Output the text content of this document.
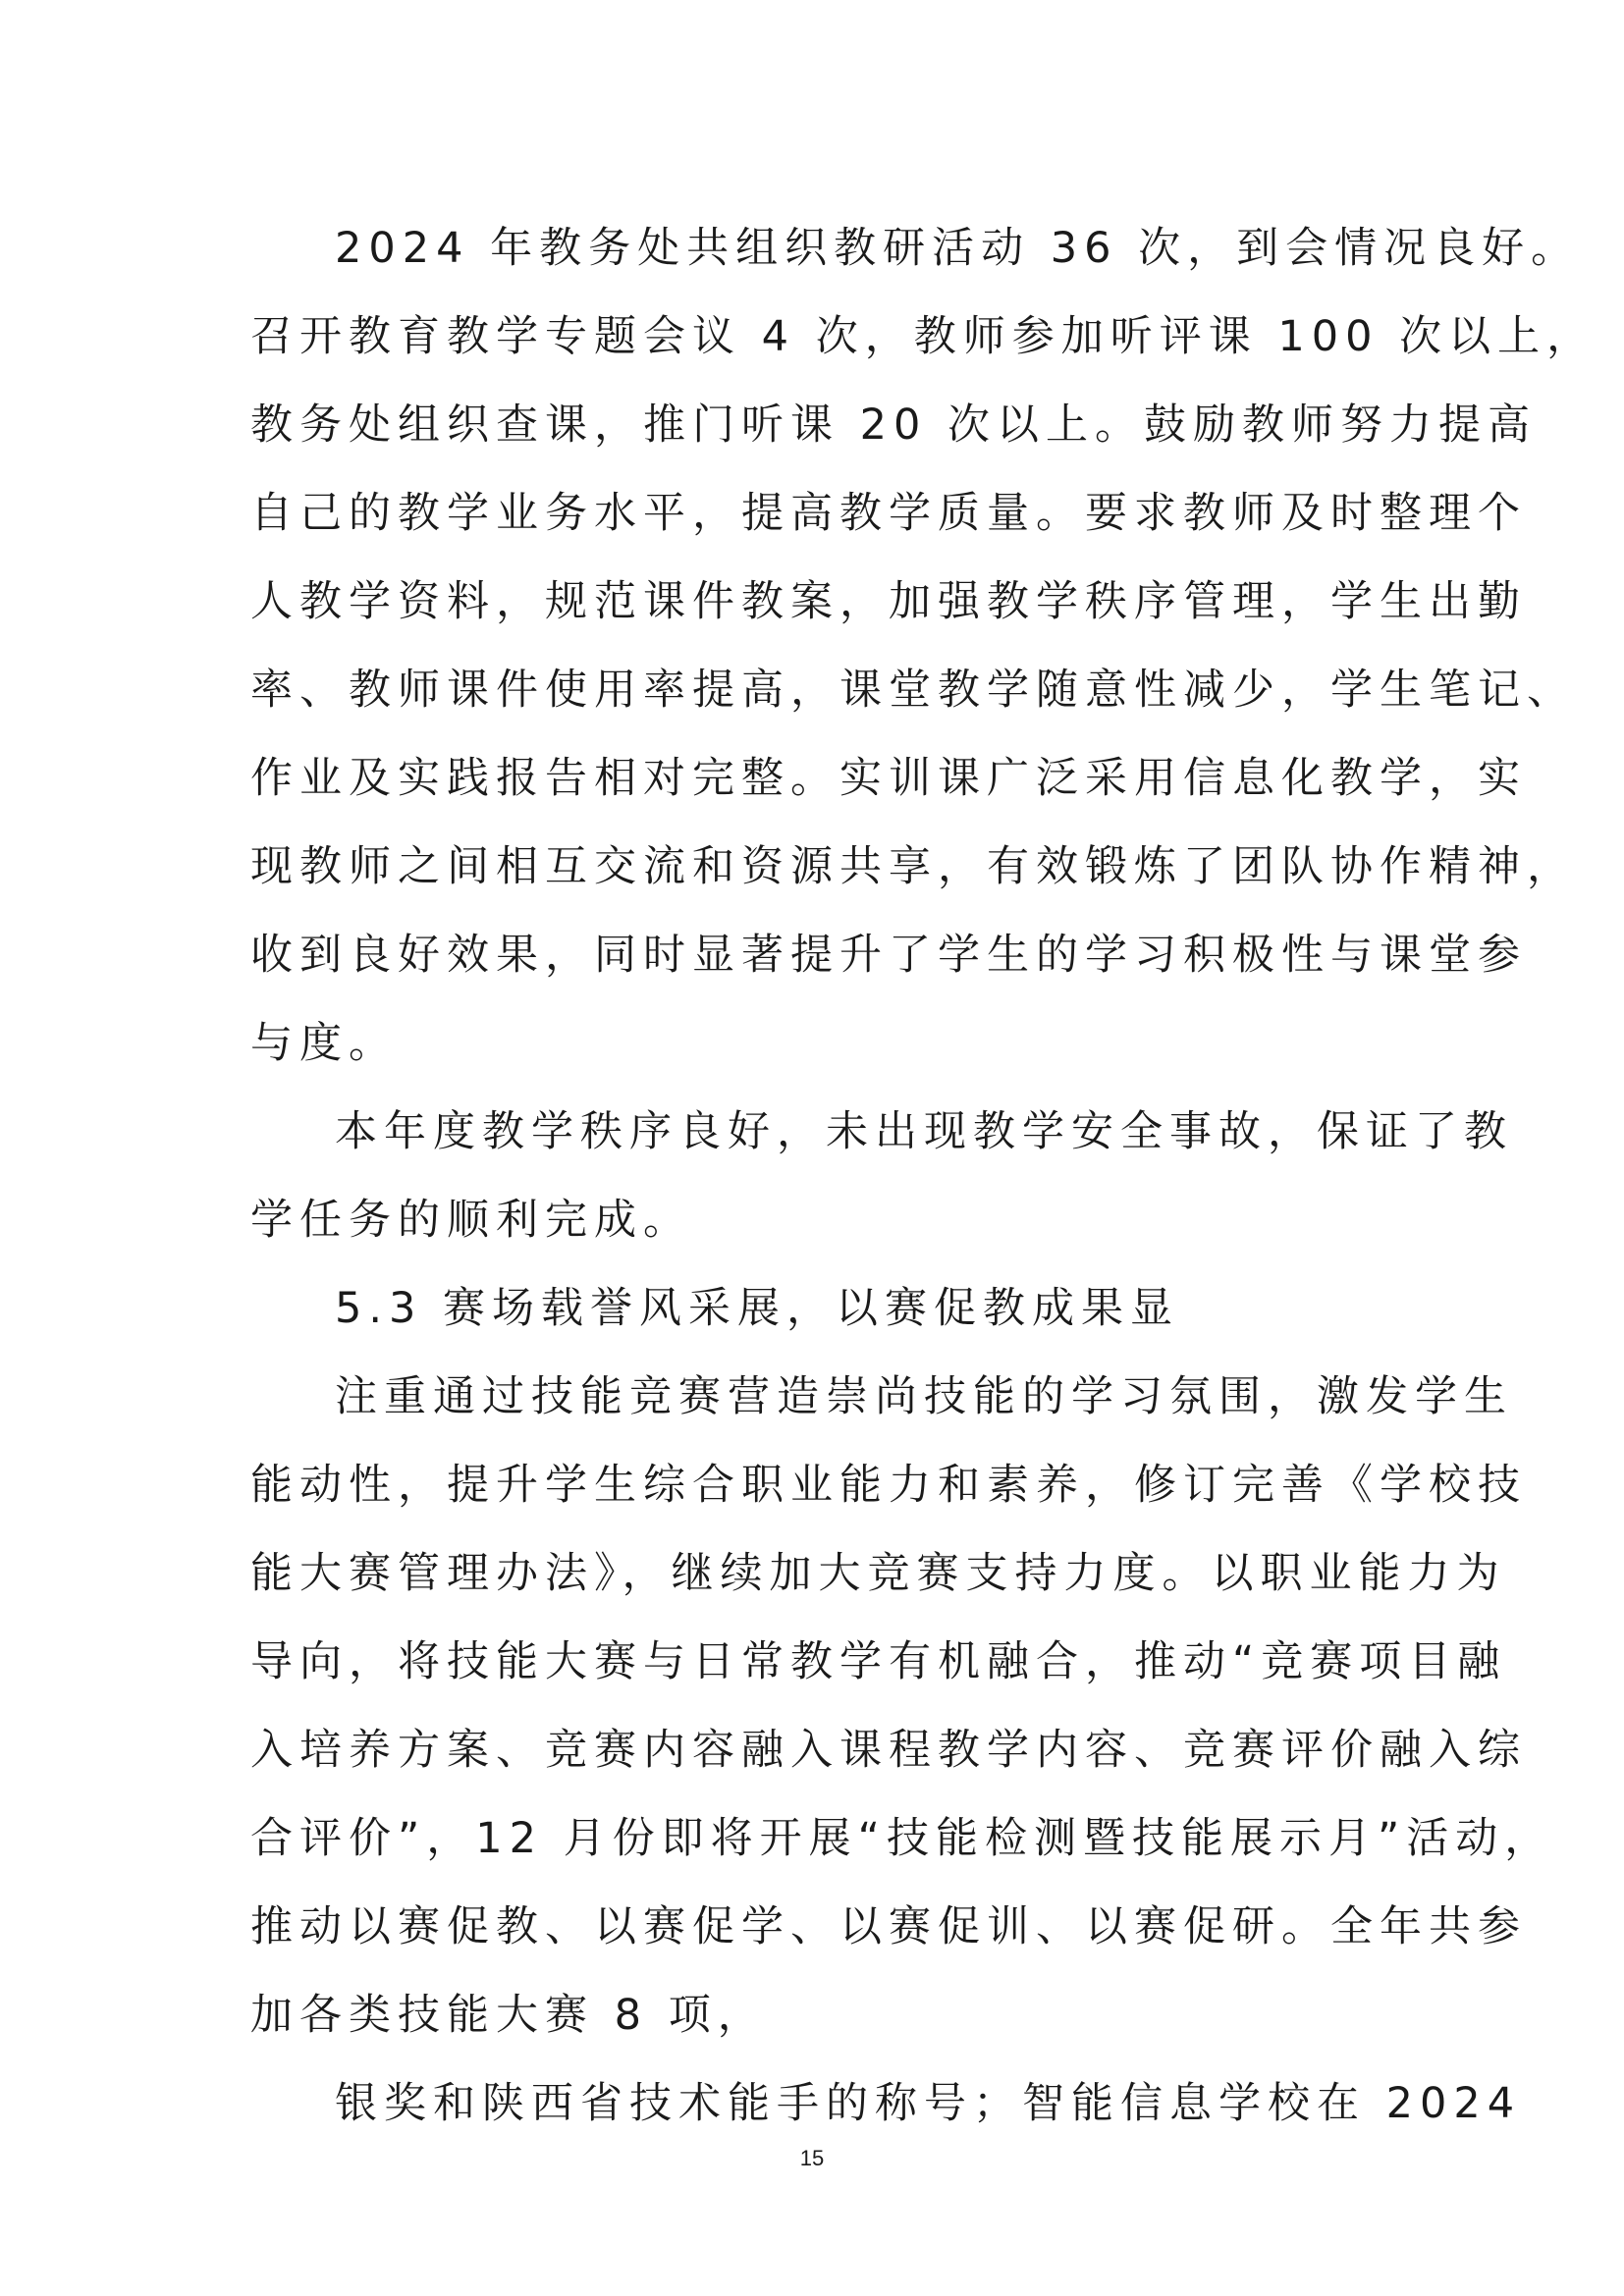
2024 年教务处共组织教研活动 36 次，到会情况良好。
召开教育教学专题会议 4 次，教师参加听评课 100 次以上，
教务处组织查课，推门听课 20 次以上。鼓励教师努力提高
自己的教学业务水平，提高教学质量。要求教师及时整理个
人教学资料，规范课件教案，加强教学秩序管理，学生出勤
率、教师课件使用率提高，课堂教学随意性减少，学生笔记、
作业及实践报告相对完整。实训课广泛采用信息化教学，实
现教师之间相互交流和资源共享，有效锻炼了团队协作精神，
收到良好效果，同时显著提升了学生的学习积极性与课堂参
与度。
本年度教学秩序良好，未出现教学安全事故，保证了教
学任务的顺利完成。
5.3 赛场载誉风采展，以赛促教成果显
注重通过技能竞赛营造崇尚技能的学习氛围，激发学生
能动性，提升学生综合职业能力和素养，修订完善《学校技
能大赛管理办法》，继续加大竞赛支持力度。以职业能力为
导向，将技能大赛与日常教学有机融合，推动“竞赛项目融
入培养方案、竞赛内容融入课程教学内容、竞赛评价融入综
合评价”，12 月份即将开展“技能检测暨技能展示月”活动，
推动以赛促教、以赛促学、以赛促训、以赛促研。全年共参
加各类技能大赛 8 项，
银奖和陕西省技术能手的称号；智能信息学校在 2024
15
